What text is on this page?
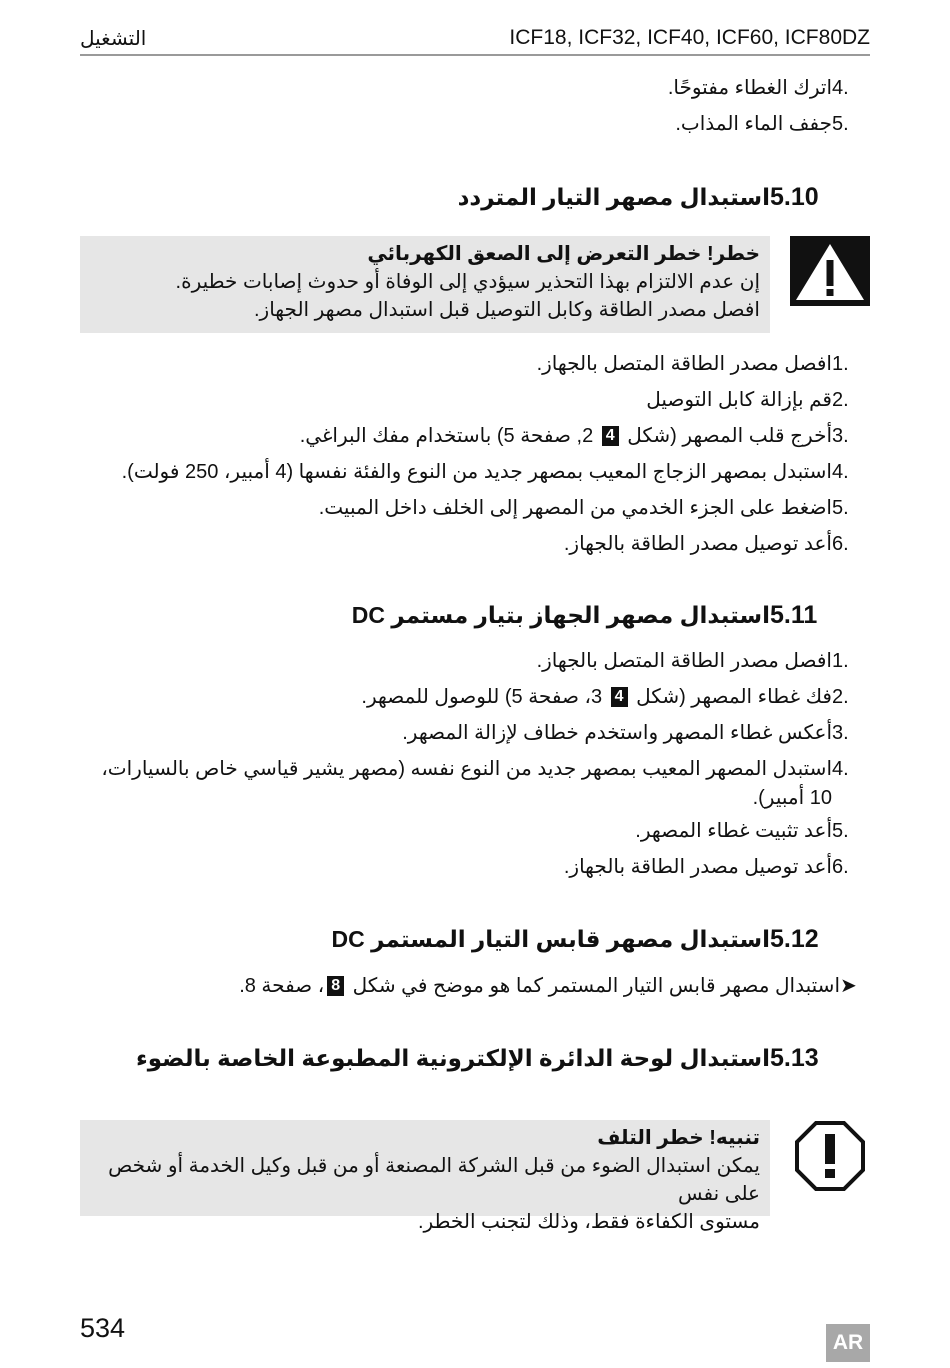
التشغيل	ICF18, ICF32, ICF40, ICF60, ICF80DZ
4.اترك الغطاء مفتوحًا.
5.جفف الماء المذاب.
5.10استبدال مصهر التيار المتردد
خطر! خطر التعرض إلى الصعق الكهربائي
إن عدم الالتزام بهذا التحذير سيؤدي إلى الوفاة أو حدوث إصابات خطيرة.
افصل مصدر الطاقة وكابل التوصيل قبل استبدال مصهر الجهاز.
1.افصل مصدر الطاقة المتصل بالجهاز.
2.قم بإزالة كابل التوصيل
3.أخرج قلب المصهر (شكل 4 2, صفحة 5) باستخدام مفك البراغي.
4.استبدل بمصهر الزجاج المعيب بمصهر جديد من النوع والفئة نفسها (4 أمبير، 250 فولت).
5.اضغط على الجزء الخدمي من المصهر إلى الخلف داخل المبيت.
6.أعد توصيل مصدر الطاقة بالجهاز.
5.11استبدال مصهر الجهاز بتيار مستمر DC
1.افصل مصدر الطاقة المتصل بالجهاز.
2.فك غطاء المصهر (شكل 4 3، صفحة 5) للوصول للمصهر.
3.أعكس غطاء المصهر واستخدم خطاف لإزالة المصهر.
4.استبدل المصهر المعيب بمصهر جديد من النوع نفسه (مصهر يشير قياسي خاص بالسيارات،
10 أمبير).
5.أعد تثبيت غطاء المصهر.
6.أعد توصيل مصدر الطاقة بالجهاز.
5.12استبدال مصهر قابس التيار المستمر DC
➤استبدال مصهر قابس التيار المستمر كما هو موضح في شكل 8، صفحة 8.
5.13استبدال لوحة الدائرة الإلكترونية المطبوعة الخاصة بالضوء
تنبيه! خطر التلف
يمكن استبدال الضوء من قبل الشركة المصنعة أو من قبل وكيل الخدمة أو شخص على نفس
مستوى الكفاءة فقط، وذلك لتجنب الخطر.
534	AR
